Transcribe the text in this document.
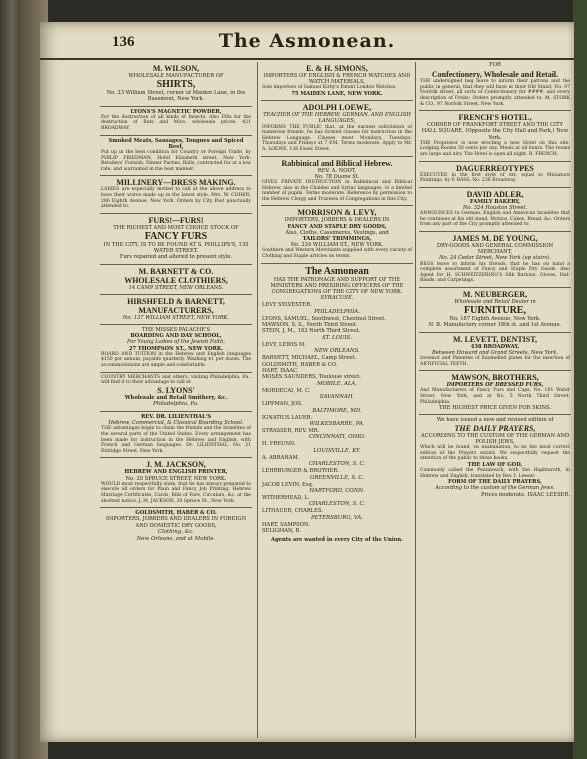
The Asmonean.
136
M. WILSON,
WHOLESALE MANUFACTURER OF
SHIRTS,
No. 23 William Street, corner of Maiden Lane, in the Basement, New York.
LYONS'S MAGNETIC POWDER,
For the destruction of all kinds of Insects. Also Pills for the destruction of Rats and Mice, wholesale prices. 421 BROADWAY.
Smoked Meats, Sausages, Tongues and Spiced Beef,
Put up in the best condition for Country or Foreign Trade, by PHILIP FRIEDMAN, Hotel Elizabeth street, New York. Retailers' Furnish, Dinner Parties, Balls, contracted for at a low rate, and warranted in the best manner.
MILLINERY—DRESS MAKING.
LADIES are especially invited to call at the above address to have their wares made up in the latest style. Mrs. W. COHEN, 286 Eighth Avenue, New York. Orders by City Post punctually attended to.
FURS!—FURS!
THE RICHEST AND MOST CHOICE STOCK OF
FANCY FURS
IN THE CITY, IS TO BE FOUND AT S. PHILLIPS'S, 135 WATER STREET.
Furs repaired and altered to present style.
M. BARNETT & CO.
WHOLESALE CLOTHIERS,
14 CAMP STREET, NEW ORLEANS.
HIRSHFELD & BARNETT,
MANUFACTURERS,
No. 137 WILLIAM STREET, NEW YORK.
THE MISSES PALACHE'S
BOARDING AND DAY SCHOOL,
For Young Ladies of the Jewish Faith,
27 THOMPSON ST., NEW YORK.
BOARD AND TUITION in the Hebrew and English languages $150 per annum, payable quarterly. Washing $1 per dozen. The accommodations are ample and comfortable.
COUNTRY MERCHANTS and others, visiting Philadelphia, Pa., will find it to their advantage to call at
S. LYONS'
Wholesale and Retail Smithery, &c.
Philadelphia, Pa.
REV. DR. LILIENTHAL'S
Hebrew, Commercial, & Classical Boarding School.
THE advantages begin to claim the friends and the Israelites of the several parts of the United States. Every arrangement has been made for instruction in the Hebrew and English, with French and German languages. Dr. LILIENTHAL, No. 21 Eldridge Street, New York.
J. M. JACKSON,
HEBREW AND ENGLISH PRINTER,
No. 20 SPRUCE STREET, NEW YORK.
WOULD most respectfully state, that he has always prepared to execute all orders for Plain and Fancy Job Printing. Hebrew Marriage Certificates, Cards, Bills of Fare, Circulars, &c. at the shortest notice. J. M. JACKSON, 20 Spruce St., New York.
GOLDSMITH, HABER & CO.
IMPORTERS, JOBBERS AND DEALERS IN FOREIGN AND DOMESTIC DRY GOODS,
Clothing, &c.
New Orleans, and at Mobile.
E. & H. SIMONS,
IMPORTERS OF ENGLISH & FRENCH WATCHES AND WATCH MATERIALS,
Sole importers of Samuel Kirby's Patent London Watches.
75 MAIDEN LANE, NEW YORK.
ADOLPH LOEWE,
TEACHER OF THE HEBREW, GERMAN, AND ENGLISH LANGUAGES,
INFORMS THE PUBLIC that, at the earnest solicitation of numerous friends, he has formed classes for instruction in the Hebrew Language. Classes meet Mondays, Tuesdays, Thursdays and Fridays at 7 P.M. Terms moderate. Apply to Mr. A. LOEWE, 136 Essex Street.
Rabbinical and Biblical Hebrew.
REV. A. NOOT,
No. 78 Duane St.
GIVES PRIVATE INSTRUCTION in Rabbinical and Biblical Hebrew, also in the Chaldee and Syriac languages, to a limited number of pupils. Terms moderate. Reference by permission to the Hebrew Clergy and Trustees of Congregations in this City.
MORRISON & LEVY,
IMPORTERS, JOBBERS & DEALERS IN
FANCY AND STAPLE DRY GOODS,
Also, Cloths, Cassimeres, Vestings, and
TAILORS' TRIMMINGS,
No. 234 WILLIAM ST., NEW YORK.
Southern and Western Merchants supplied with every variety of Clothing and Staple articles on terms.
The Asmonean
HAS THE PATRONAGE AND SUPPORT OF THE MINISTERS AND PRESIDING OFFICERS OF THE CONGREGATIONS OF THE CITY OF NEW YORK.
SYRACUSE.
LEVY SYLVESTER.
PHILADELPHIA.
LYONS, SAMUEL, Southwest, Chestnut Street.
MAWSON, S. S., North Third Street.
STEIN, J. M., 183 North Third Street.
ST. LOUIS.
LEVY, LEWIS M.
NEW ORLEANS.
BARNETT, MICHAEL, Camp Street.
GOLDSMITH, HABER & CO.
HART, ISAAC.
MOSES SAUNDERS, Toulouse street.
MOBILE, ALA.
MORDECAI, M. C.
SAVANNAH.
LIPPMAN, JOS.
BALTIMORE, MD.
IGNATIUS LAUER.
WILKESBARRE, PA.
STRASSER, REV. MR.
CINCINNATI, OHIO.
H. FREUND.
LOUISVILLE, KY.
A. ABRAHAM.
CHARLESTON, S. C.
LEHRBURGER & BROTHER.
GREENVILLE, S. C.
JACOB LEVIN, Esq.
HARTFORD, CONN.
WITHERHEAD, L.
CHARLESTON, S. C.
LITHAUER, CHARLES.
PETERSBURG, VA.
HART, SAMPSON.
SELIGMAN, B.
Agents are wanted in every City of the Union.
FOR
Confectionery, Wholesale and Retail.
THE undersigned beg leave to inform their patrons and the public in general, that they will have at their Old Stand, No. 97 Norfolk street, all sorts of Confectionery for ####, and every description of Fruits. Orders promptly attended to. M. STORK & CO., 97 Norfolk Street, New York.
FRENCH'S HOTEL,
CORNER OF FRANKFORT STREET AND THE CITY HALL SQUARE, (Opposite the City Hall and Park,) New York.
THE Proprietor is now erecting a new Hotel on this site. Lodging Rooms 50 cents per day. Meals at all hours. The rooms are large and airy. The Hotel is open all night. R. FRENCH.
DAGUERREOTYPES
EXECUTED in the first style of Art, equal to Miniature Paintings, by P. BASS, No. 236 Broadway.
DAVID ADLER,
FAMILY BAKERY,
No. 324 Houston Street.
ANNOUNCES to German, English and American Israelites that he continues at his old stand, Motzos, Cakes, Bread, &c. Orders from any part of the City promptly attended to.
JAMES M. DE YOUNG,
DRY-GOODS AND GENERAL COMMISSION MERCHANT,
No. 24 Cedar Street, New York (up stairs).
BEGS leave to inform his friends, that he has on hand a complete assortment of Fancy and Staple Dry Goods. Also Agent for H. SCHWEITZERING'S Silk Buttons, Gloves, Hat-Bands, and Carpetings.
M. NEUBERGER,
Wholesale and Retail Dealer in
FURNITURE,
No. 187 Eighth Avenue, New York.
N. B. Manufactory corner 18th st. and 1st Avenue.
M. LEVETT, DENTIST,
438 BROADWAY,
Between Howard and Grand Streets, New York.
Inventor and Patentee of Enamelled plates for the insertion of ARTIFICIAL TEETH.
MAWSON, BROTHERS,
IMPORTERS OF DRESSED FURS,
And Manufacturers of Fancy Furs and Caps, No. 101 Water Street, New York, and at No. 5 North Third Street, Philadelphia.
THE HIGHEST PRICE GIVEN FOR SKINS.
We have issued a new and revised edition of
THE DAILY PRAYERS,
ACCORDING TO THE CUSTOM OF THE GERMAN AND POLISH JEWS,
Which will be found, on examination, to be the most correct edition of the Prayers extant. We respectfully request the attention of the public to these books.
THE LAW OF GOD,
Commonly called the Pentateuch, with the Haphtaroth, in Hebrew and English, translated by Rev. I. Leeser.
FORM OF THE DAILY PRAYERS,
According to the custom of the German Jews.
Prices moderate. ISAAC LEESER.
